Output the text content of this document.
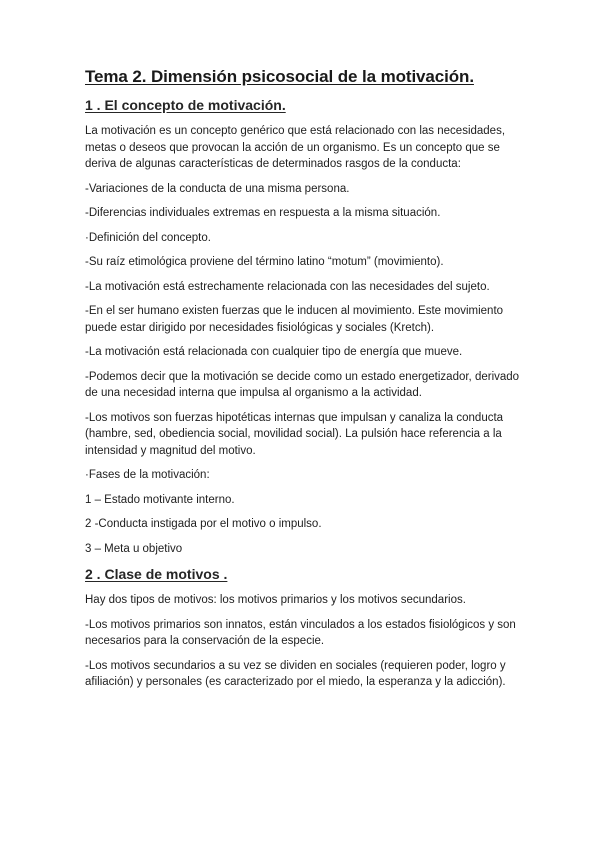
Tema 2. Dimensión psicosocial de la motivación.
1 . El concepto de motivación.

La motivación es un concepto genérico que está relacionado con las necesidades, metas o deseos que provocan la acción de un organismo. Es un concepto que se deriva de algunas características de determinados rasgos de la conducta:

-Variaciones de la conducta de una misma persona.

-Diferencias individuales extremas en respuesta a la misma situación.

·Definición del concepto.

-Su raíz etimológica proviene del término latino “motum” (movimiento).

-La motivación está estrechamente relacionada con las necesidades del sujeto.

-En el ser humano existen fuerzas que le inducen al movimiento. Este movimiento puede estar dirigido por necesidades fisiológicas y sociales (Kretch).

-La motivación está relacionada con cualquier tipo de energía que mueve.

-Podemos decir que la motivación se decide como un estado energetizador, derivado de una necesidad interna que impulsa al organismo a la actividad.

-Los motivos son fuerzas hipotéticas internas que impulsan y canaliza la conducta (hambre, sed, obediencia social, movilidad social). La pulsión hace referencia a la intensidad y magnitud del motivo.

·Fases de la motivación:

1 – Estado motivante interno.

2 -Conducta instigada por el motivo o impulso.

3 – Meta u objetivo

2 . Clase de motivos .

Hay dos tipos de motivos: los motivos primarios y los motivos secundarios.

-Los motivos primarios son innatos, están vinculados a los estados fisiológicos y son necesarios para la conservación de la especie.

-Los motivos secundarios a su vez se dividen en sociales (requieren poder, logro y afiliación) y personales (es caracterizado por el miedo, la esperanza y la adicción).
